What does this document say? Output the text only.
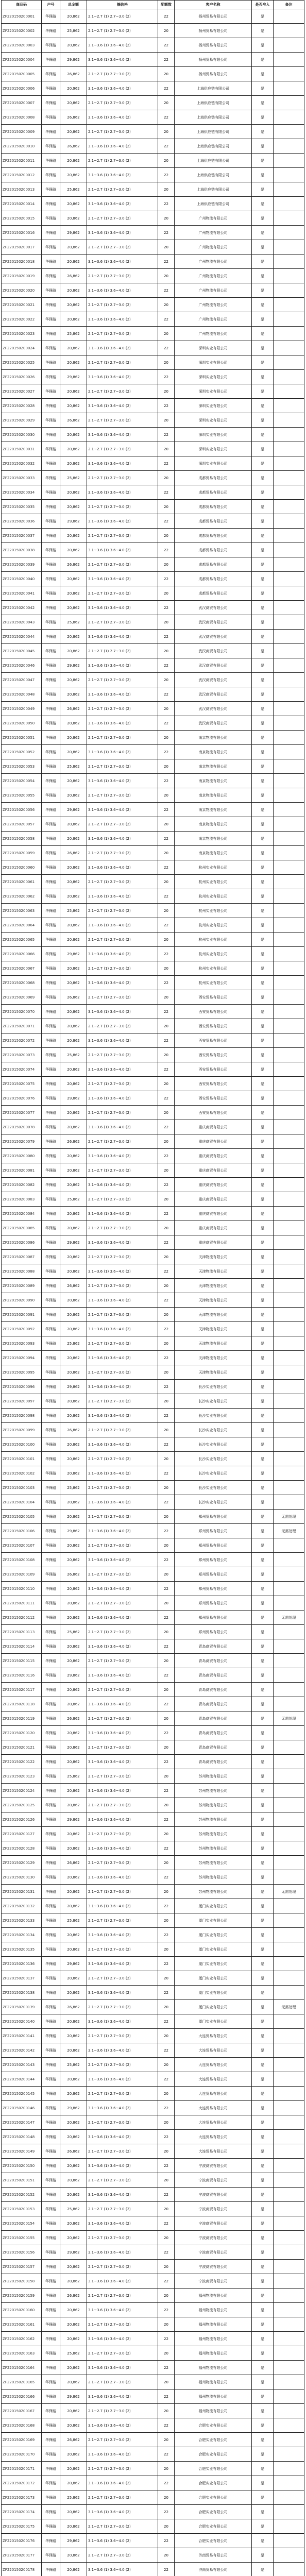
商品码	户号	总金额	摘价格	配额数	客户名称	是否准入	备注
ZF220150200001	华锋路	20,862	2.1~2.7 (1) 2.7~3.0 (2)	22	扬州贸易有限公司	是	
ZF220150200002	华锋路	25,862	2.1~2.7 (1) 2.7~3.0 (2)	20	扬州贸易有限公司	是	
ZF220150200003	华锋路	20,862	3.1~3.6 (1) 3.6~4.0 (2)	22	扬州贸易有限公司	是	
ZF220150200004	华锋路	29,862	3.1~3.6 (1) 3.6~4.0 (2)	22	扬州贸易有限公司	是	
ZF220150200005	华锋路	26,862	2.1~2.7 (1) 2.7~3.0 (2)	20	扬州贸易有限公司	是	
ZF220150200006	华锋路	20,962	3.1~3.6 (1) 3.6~4.0 (2)	22	上海供应链有限公司	是	
ZF220150200007	华锋路	20,862	2.1~2.7 (1) 2.7~3.0 (2)	20	上海供应链有限公司	是	
ZF220150200008	华锋路	26,862	3.1~3.6 (1) 3.6~4.0 (2)	22	上海供应链有限公司	是	
ZF220150200009	华锋路	20,862	2.1~2.7 (1) 2.7~3.0 (2)	20	上海供应链有限公司	是	
ZF220150200010	华锋路	26,862	3.1~3.6 (1) 3.6~4.0 (2)	22	上海供应链有限公司	是	
ZF220150200011	华锋路	20,862	2.1~2.7 (1) 2.7~3.0 (2)	20	上海供应链有限公司	是	
ZF220150200012	华锋路	20,862	3.1~3.6 (1) 3.6~4.0 (2)	22	上海供应链有限公司	是	
ZF220150200013	华锋路	25,862	2.1~2.7 (1) 2.7~3.0 (2)	20	上海供应链有限公司	是	
ZF220150200014	华锋路	20,862	3.1~3.6 (1) 3.6~4.0 (2)	22	上海供应链有限公司	是	
ZF220150200015	华锋路	20,862	2.1~2.7 (1) 2.7~3.0 (2)	20	广州物流有限公司	是	
ZF220150200016	华锋路	29,862	3.1~3.6 (1) 3.6~4.0 (2)	22	广州物流有限公司	是	
ZF220150200017	华锋路	20,862	2.1~2.7 (1) 2.7~3.0 (2)	20	广州物流有限公司	是	
ZF220150200018	华锋路	20,862	3.1~3.6 (1) 3.6~4.0 (2)	22	广州物流有限公司	是	
ZF220150200019	华锋路	26,862	2.1~2.7 (1) 2.7~3.0 (2)	20	广州物流有限公司	是	
ZF220150200020	华锋路	20,862	3.1~3.6 (1) 3.6~4.0 (2)	22	广州物流有限公司	是	
ZF220150200021	华锋路	20,862	2.1~2.7 (1) 2.7~3.0 (2)	20	广州物流有限公司	是	
ZF220150200022	华锋路	20,862	3.1~3.6 (1) 3.6~4.0 (2)	22	广州物流有限公司	是	
ZF220150200023	华锋路	25,862	2.1~2.7 (1) 2.7~3.0 (2)	20	广州物流有限公司	是	
ZF220150200024	华锋路	20,862	3.1~3.6 (1) 3.6~4.0 (2)	22	深圳实业有限公司	是	
ZF220150200025	华锋路	20,862	2.1~2.7 (1) 2.7~3.0 (2)	20	深圳实业有限公司	是	
ZF220150200026	华锋路	29,862	3.1~3.6 (1) 3.6~4.0 (2)	22	深圳实业有限公司	是	
ZF220150200027	华锋路	20,862	2.1~2.7 (1) 2.7~3.0 (2)	20	深圳实业有限公司	是	
ZF220150200028	华锋路	20,862	3.1~3.6 (1) 3.6~4.0 (2)	22	深圳实业有限公司	是	
ZF220150200029	华锋路	26,862	2.1~2.7 (1) 2.7~3.0 (2)	20	深圳实业有限公司	是	
ZF220150200030	华锋路	20,862	3.1~3.6 (1) 3.6~4.0 (2)	22	深圳实业有限公司	是	
ZF220150200031	华锋路	20,862	2.1~2.7 (1) 2.7~3.0 (2)	20	深圳实业有限公司	是	
ZF220150200032	华锋路	20,862	3.1~3.6 (1) 3.6~4.0 (2)	22	深圳实业有限公司	是	
ZF220150200033	华锋路	25,862	2.1~2.7 (1) 2.7~3.0 (2)	20	成都贸易有限公司	是	
ZF220150200034	华锋路	20,862	3.1~3.6 (1) 3.6~4.0 (2)	22	成都贸易有限公司	是	
ZF220150200035	华锋路	20,862	2.1~2.7 (1) 2.7~3.0 (2)	20	成都贸易有限公司	是	
ZF220150200036	华锋路	29,862	3.1~3.6 (1) 3.6~4.0 (2)	22	成都贸易有限公司	是	
ZF220150200037	华锋路	20,862	2.1~2.7 (1) 2.7~3.0 (2)	20	成都贸易有限公司	是	
ZF220150200038	华锋路	20,862	3.1~3.6 (1) 3.6~4.0 (2)	22	成都贸易有限公司	是	
ZF220150200039	华锋路	26,862	2.1~2.7 (1) 2.7~3.0 (2)	20	成都贸易有限公司	是	
ZF220150200040	华锋路	20,862	3.1~3.6 (1) 3.6~4.0 (2)	22	成都贸易有限公司	是	
ZF220150200041	华锋路	20,862	2.1~2.7 (1) 2.7~3.0 (2)	20	成都贸易有限公司	是	
ZF220150200042	华锋路	20,862	3.1~3.6 (1) 3.6~4.0 (2)	22	武汉商贸有限公司	是	
ZF220150200043	华锋路	25,862	2.1~2.7 (1) 2.7~3.0 (2)	20	武汉商贸有限公司	是	
ZF220150200044	华锋路	20,862	3.1~3.6 (1) 3.6~4.0 (2)	22	武汉商贸有限公司	是	
ZF220150200045	华锋路	20,862	2.1~2.7 (1) 2.7~3.0 (2)	20	武汉商贸有限公司	是	
ZF220150200046	华锋路	29,862	3.1~3.6 (1) 3.6~4.0 (2)	22	武汉商贸有限公司	是	
ZF220150200047	华锋路	20,862	2.1~2.7 (1) 2.7~3.0 (2)	20	武汉商贸有限公司	是	
ZF220150200048	华锋路	20,862	3.1~3.6 (1) 3.6~4.0 (2)	22	武汉商贸有限公司	是	
ZF220150200049	华锋路	26,862	2.1~2.7 (1) 2.7~3.0 (2)	20	武汉商贸有限公司	是	
ZF220150200050	华锋路	20,862	3.1~3.6 (1) 3.6~4.0 (2)	22	武汉商贸有限公司	是	
ZF220150200051	华锋路	20,862	2.1~2.7 (1) 2.7~3.0 (2)	20	南京物流有限公司	是	
ZF220150200052	华锋路	20,862	3.1~3.6 (1) 3.6~4.0 (2)	22	南京物流有限公司	是	
ZF220150200053	华锋路	25,862	2.1~2.7 (1) 2.7~3.0 (2)	20	南京物流有限公司	是	
ZF220150200054	华锋路	20,862	3.1~3.6 (1) 3.6~4.0 (2)	22	南京物流有限公司	是	
ZF220150200055	华锋路	20,862	2.1~2.7 (1) 2.7~3.0 (2)	20	南京物流有限公司	是	
ZF220150200056	华锋路	29,862	3.1~3.6 (1) 3.6~4.0 (2)	22	南京物流有限公司	是	
ZF220150200057	华锋路	20,862	2.1~2.7 (1) 2.7~3.0 (2)	20	南京物流有限公司	是	
ZF220150200058	华锋路	20,862	3.1~3.6 (1) 3.6~4.0 (2)	22	南京物流有限公司	是	
ZF220150200059	华锋路	26,862	2.1~2.7 (1) 2.7~3.0 (2)	20	南京物流有限公司	是	
ZF220150200060	华锋路	20,862	3.1~3.6 (1) 3.6~4.0 (2)	22	杭州实业有限公司	是	
ZF220150200061	华锋路	20,862	2.1~2.7 (1) 2.7~3.0 (2)	20	杭州实业有限公司	是	
ZF220150200062	华锋路	20,862	3.1~3.6 (1) 3.6~4.0 (2)	22	杭州实业有限公司	是	
ZF220150200063	华锋路	25,862	2.1~2.7 (1) 2.7~3.0 (2)	20	杭州实业有限公司	是	
ZF220150200064	华锋路	20,862	3.1~3.6 (1) 3.6~4.0 (2)	22	杭州实业有限公司	是	
ZF220150200065	华锋路	20,862	2.1~2.7 (1) 2.7~3.0 (2)	20	杭州实业有限公司	是	
ZF220150200066	华锋路	29,862	3.1~3.6 (1) 3.6~4.0 (2)	22	杭州实业有限公司	是	
ZF220150200067	华锋路	20,862	2.1~2.7 (1) 2.7~3.0 (2)	20	杭州实业有限公司	是	
ZF220150200068	华锋路	20,862	3.1~3.6 (1) 3.6~4.0 (2)	22	杭州实业有限公司	是	
ZF220150200069	华锋路	26,862	2.1~2.7 (1) 2.7~3.0 (2)	20	西安贸易有限公司	是	
ZF220150200070	华锋路	20,862	3.1~3.6 (1) 3.6~4.0 (2)	22	西安贸易有限公司	是	
ZF220150200071	华锋路	20,862	2.1~2.7 (1) 2.7~3.0 (2)	20	西安贸易有限公司	是	
ZF220150200072	华锋路	20,862	3.1~3.6 (1) 3.6~4.0 (2)	22	西安贸易有限公司	是	
ZF220150200073	华锋路	25,862	2.1~2.7 (1) 2.7~3.0 (2)	20	西安贸易有限公司	是	
ZF220150200074	华锋路	20,862	3.1~3.6 (1) 3.6~4.0 (2)	22	西安贸易有限公司	是	
ZF220150200075	华锋路	20,862	2.1~2.7 (1) 2.7~3.0 (2)	20	西安贸易有限公司	是	
ZF220150200076	华锋路	29,862	3.1~3.6 (1) 3.6~4.0 (2)	22	西安贸易有限公司	是	
ZF220150200077	华锋路	20,862	2.1~2.7 (1) 2.7~3.0 (2)	20	西安贸易有限公司	是	
ZF220150200078	华锋路	20,862	3.1~3.6 (1) 3.6~4.0 (2)	22	重庆商贸有限公司	是	
ZF220150200079	华锋路	26,862	2.1~2.7 (1) 2.7~3.0 (2)	20	重庆商贸有限公司	是	
ZF220150200080	华锋路	20,862	3.1~3.6 (1) 3.6~4.0 (2)	22	重庆商贸有限公司	是	
ZF220150200081	华锋路	20,862	2.1~2.7 (1) 2.7~3.0 (2)	20	重庆商贸有限公司	是	
ZF220150200082	华锋路	20,862	3.1~3.6 (1) 3.6~4.0 (2)	22	重庆商贸有限公司	是	
ZF220150200083	华锋路	25,862	2.1~2.7 (1) 2.7~3.0 (2)	20	重庆商贸有限公司	是	
ZF220150200084	华锋路	20,862	3.1~3.6 (1) 3.6~4.0 (2)	22	重庆商贸有限公司	是	
ZF220150200085	华锋路	20,862	2.1~2.7 (1) 2.7~3.0 (2)	20	重庆商贸有限公司	是	
ZF220150200086	华锋路	29,862	3.1~3.6 (1) 3.6~4.0 (2)	22	重庆商贸有限公司	是	
ZF220150200087	华锋路	20,862	2.1~2.7 (1) 2.7~3.0 (2)	20	天津物流有限公司	是	
ZF220150200088	华锋路	20,862	3.1~3.6 (1) 3.6~4.0 (2)	22	天津物流有限公司	是	
ZF220150200089	华锋路	26,862	2.1~2.7 (1) 2.7~3.0 (2)	20	天津物流有限公司	是	
ZF220150200090	华锋路	20,862	3.1~3.6 (1) 3.6~4.0 (2)	22	天津物流有限公司	是	
ZF220150200091	华锋路	20,862	2.1~2.7 (1) 2.7~3.0 (2)	20	天津物流有限公司	是	
ZF220150200092	华锋路	20,862	3.1~3.6 (1) 3.6~4.0 (2)	22	天津物流有限公司	是	
ZF220150200093	华锋路	25,862	2.1~2.7 (1) 2.7~3.0 (2)	20	天津物流有限公司	是	
ZF220150200094	华锋路	20,862	3.1~3.6 (1) 3.6~4.0 (2)	22	天津物流有限公司	是	
ZF220150200095	华锋路	20,862	2.1~2.7 (1) 2.7~3.0 (2)	20	天津物流有限公司	是	
ZF220150200096	华锋路	29,862	3.1~3.6 (1) 3.6~4.0 (2)	22	长沙实业有限公司	是	
ZF220150200097	华锋路	20,862	2.1~2.7 (1) 2.7~3.0 (2)	20	长沙实业有限公司	是	
ZF220150200098	华锋路	20,862	3.1~3.6 (1) 3.6~4.0 (2)	22	长沙实业有限公司	是	
ZF220150200099	华锋路	26,862	2.1~2.7 (1) 2.7~3.0 (2)	20	长沙实业有限公司	是	
ZF220150200100	华锋路	20,862	3.1~3.6 (1) 3.6~4.0 (2)	22	长沙实业有限公司	是	
ZF220150200101	华锋路	20,862	2.1~2.7 (1) 2.7~3.0 (2)	20	长沙实业有限公司	是	
ZF220150200102	华锋路	20,862	3.1~3.6 (1) 3.6~4.0 (2)	22	长沙实业有限公司	是	
ZF220150200103	华锋路	25,862	2.1~2.7 (1) 2.7~3.0 (2)	20	长沙实业有限公司	是	
ZF220150200104	华锋路	20,862	3.1~3.6 (1) 3.6~4.0 (2)	22	长沙实业有限公司	是	
ZF220150200105	华锋路	20,862	2.1~2.7 (1) 2.7~3.0 (2)	20	郑州贸易有限公司	是	无需处理
ZF220150200106	华锋路	29,862	3.1~3.6 (1) 3.6~4.0 (2)	22	郑州贸易有限公司	是	无需处理
ZF220150200107	华锋路	20,862	2.1~2.7 (1) 2.7~3.0 (2)	20	郑州贸易有限公司	是	
ZF220150200108	华锋路	20,862	3.1~3.6 (1) 3.6~4.0 (2)	22	郑州贸易有限公司	是	
ZF220150200109	华锋路	26,862	2.1~2.7 (1) 2.7~3.0 (2)	20	郑州贸易有限公司	是	
ZF220150200110	华锋路	20,862	3.1~3.6 (1) 3.6~4.0 (2)	22	郑州贸易有限公司	是	
ZF220150200111	华锋路	20,862	2.1~2.7 (1) 2.7~3.0 (2)	20	郑州贸易有限公司	是	
ZF220150200112	华锋路	20,862	3.1~3.6 (1) 3.6~4.0 (2)	22	郑州贸易有限公司	是	无需处理
ZF220150200113	华锋路	25,862	2.1~2.7 (1) 2.7~3.0 (2)	20	郑州贸易有限公司	是	
ZF220150200114	华锋路	20,862	3.1~3.6 (1) 3.6~4.0 (2)	22	青岛商贸有限公司	是	
ZF220150200115	华锋路	20,862	2.1~2.7 (1) 2.7~3.0 (2)	20	青岛商贸有限公司	是	
ZF220150200116	华锋路	29,862	3.1~3.6 (1) 3.6~4.0 (2)	22	青岛商贸有限公司	是	
ZF220150200117	华锋路	20,862	2.1~2.7 (1) 2.7~3.0 (2)	20	青岛商贸有限公司	是	
ZF220150200118	华锋路	20,862	3.1~3.6 (1) 3.6~4.0 (2)	22	青岛商贸有限公司	是	
ZF220150200119	华锋路	26,862	2.1~2.7 (1) 2.7~3.0 (2)	20	青岛商贸有限公司	是	无需处理
ZF220150200120	华锋路	20,862	3.1~3.6 (1) 3.6~4.0 (2)	22	青岛商贸有限公司	是	
ZF220150200121	华锋路	20,862	2.1~2.7 (1) 2.7~3.0 (2)	20	青岛商贸有限公司	是	
ZF220150200122	华锋路	20,862	3.1~3.6 (1) 3.6~4.0 (2)	22	青岛商贸有限公司	是	
ZF220150200123	华锋路	25,862	2.1~2.7 (1) 2.7~3.0 (2)	20	苏州物流有限公司	是	
ZF220150200124	华锋路	20,862	3.1~3.6 (1) 3.6~4.0 (2)	22	苏州物流有限公司	是	
ZF220150200125	华锋路	20,862	2.1~2.7 (1) 2.7~3.0 (2)	20	苏州物流有限公司	是	
ZF220150200126	华锋路	29,862	3.1~3.6 (1) 3.6~4.0 (2)	22	苏州物流有限公司	是	
ZF220150200127	华锋路	20,862	2.1~2.7 (1) 2.7~3.0 (2)	20	苏州物流有限公司	是	
ZF220150200128	华锋路	20,862	3.1~3.6 (1) 3.6~4.0 (2)	22	苏州物流有限公司	是	
ZF220150200129	华锋路	26,862	2.1~2.7 (1) 2.7~3.0 (2)	20	苏州物流有限公司	是	
ZF220150200130	华锋路	20,862	3.1~3.6 (1) 3.6~4.0 (2)	22	苏州物流有限公司	是	
ZF220150200131	华锋路	20,862	2.1~2.7 (1) 2.7~3.0 (2)	20	苏州物流有限公司	是	无需处理
ZF220150200132	华锋路	20,862	3.1~3.6 (1) 3.6~4.0 (2)	22	厦门实业有限公司	是	
ZF220150200133	华锋路	25,862	2.1~2.7 (1) 2.7~3.0 (2)	20	厦门实业有限公司	是	
ZF220150200134	华锋路	20,862	3.1~3.6 (1) 3.6~4.0 (2)	22	厦门实业有限公司	是	
ZF220150200135	华锋路	20,862	2.1~2.7 (1) 2.7~3.0 (2)	20	厦门实业有限公司	是	
ZF220150200136	华锋路	29,862	3.1~3.6 (1) 3.6~4.0 (2)	22	厦门实业有限公司	是	
ZF220150200137	华锋路	20,862	2.1~2.7 (1) 2.7~3.0 (2)	20	厦门实业有限公司	是	
ZF220150200138	华锋路	20,862	3.1~3.6 (1) 3.6~4.0 (2)	22	厦门实业有限公司	是	
ZF220150200139	华锋路	26,862	2.1~2.7 (1) 2.7~3.0 (2)	20	厦门实业有限公司	是	无需处理
ZF220150200140	华锋路	20,862	3.1~3.6 (1) 3.6~4.0 (2)	22	厦门实业有限公司	是	
ZF220150200141	华锋路	20,862	2.1~2.7 (1) 2.7~3.0 (2)	20	大连贸易有限公司	是	
ZF220150200142	华锋路	20,862	3.1~3.6 (1) 3.6~4.0 (2)	22	大连贸易有限公司	是	
ZF220150200143	华锋路	25,862	2.1~2.7 (1) 2.7~3.0 (2)	20	大连贸易有限公司	是	
ZF220150200144	华锋路	20,862	3.1~3.6 (1) 3.6~4.0 (2)	22	大连贸易有限公司	是	
ZF220150200145	华锋路	20,862	2.1~2.7 (1) 2.7~3.0 (2)	20	大连贸易有限公司	是	
ZF220150200146	华锋路	29,862	3.1~3.6 (1) 3.6~4.0 (2)	22	大连贸易有限公司	是	
ZF220150200147	华锋路	20,862	2.1~2.7 (1) 2.7~3.0 (2)	20	大连贸易有限公司	是	
ZF220150200148	华锋路	20,862	3.1~3.6 (1) 3.6~4.0 (2)	22	大连贸易有限公司	是	
ZF220150200149	华锋路	26,862	2.1~2.7 (1) 2.7~3.0 (2)	20	大连贸易有限公司	是	
ZF220150200150	华锋路	20,862	3.1~3.6 (1) 3.6~4.0 (2)	22	宁波商贸有限公司	是	
ZF220150200151	华锋路	20,862	2.1~2.7 (1) 2.7~3.0 (2)	20	宁波商贸有限公司	是	
ZF220150200152	华锋路	20,862	3.1~3.6 (1) 3.6~4.0 (2)	22	宁波商贸有限公司	是	
ZF220150200153	华锋路	25,862	2.1~2.7 (1) 2.7~3.0 (2)	20	宁波商贸有限公司	是	
ZF220150200154	华锋路	20,862	3.1~3.6 (1) 3.6~4.0 (2)	22	宁波商贸有限公司	是	
ZF220150200155	华锋路	20,862	2.1~2.7 (1) 2.7~3.0 (2)	20	宁波商贸有限公司	是	
ZF220150200156	华锋路	29,862	3.1~3.6 (1) 3.6~4.0 (2)	22	宁波商贸有限公司	是	
ZF220150200157	华锋路	20,862	2.1~2.7 (1) 2.7~3.0 (2)	20	宁波商贸有限公司	是	
ZF220150200158	华锋路	20,862	3.1~3.6 (1) 3.6~4.0 (2)	22	宁波商贸有限公司	是	
ZF220150200159	华锋路	26,862	2.1~2.7 (1) 2.7~3.0 (2)	20	福州物流有限公司	是	
ZF220150200160	华锋路	20,862	3.1~3.6 (1) 3.6~4.0 (2)	22	福州物流有限公司	是	
ZF220150200161	华锋路	20,862	2.1~2.7 (1) 2.7~3.0 (2)	20	福州物流有限公司	是	
ZF220150200162	华锋路	20,862	3.1~3.6 (1) 3.6~4.0 (2)	22	福州物流有限公司	是	
ZF220150200163	华锋路	25,862	2.1~2.7 (1) 2.7~3.0 (2)	20	福州物流有限公司	是	
ZF220150200164	华锋路	20,862	3.1~3.6 (1) 3.6~4.0 (2)	22	福州物流有限公司	是	
ZF220150200165	华锋路	20,862	2.1~2.7 (1) 2.7~3.0 (2)	20	福州物流有限公司	是	
ZF220150200166	华锋路	29,862	3.1~3.6 (1) 3.6~4.0 (2)	22	福州物流有限公司	是	
ZF220150200167	华锋路	20,862	2.1~2.7 (1) 2.7~3.0 (2)	20	福州物流有限公司	是	
ZF220150200168	华锋路	20,862	3.1~3.6 (1) 3.6~4.0 (2)	22	合肥实业有限公司	是	
ZF220150200169	华锋路	26,862	2.1~2.7 (1) 2.7~3.0 (2)	20	合肥实业有限公司	是	
ZF220150200170	华锋路	20,862	3.1~3.6 (1) 3.6~4.0 (2)	22	合肥实业有限公司	是	
ZF220150200171	华锋路	20,862	2.1~2.7 (1) 2.7~3.0 (2)	20	合肥实业有限公司	是	
ZF220150200172	华锋路	20,862	3.1~3.6 (1) 3.6~4.0 (2)	22	合肥实业有限公司	是	
ZF220150200173	华锋路	25,862	2.1~2.7 (1) 2.7~3.0 (2)	20	合肥实业有限公司	是	
ZF220150200174	华锋路	20,862	3.1~3.6 (1) 3.6~4.0 (2)	22	合肥实业有限公司	是	
ZF220150200175	华锋路	20,862	2.1~2.7 (1) 2.7~3.0 (2)	20	合肥实业有限公司	是	
ZF220150200176	华锋路	29,862	3.1~3.6 (1) 3.6~4.0 (2)	22	合肥实业有限公司	是	
ZF220150200177	华锋路	20,862	2.1~2.7 (1) 2.7~3.0 (2)	20	济南贸易有限公司	是	
ZF220150200178	华锋路	20,862	3.1~3.6 (1) 3.6~4.0 (2)	22	济南贸易有限公司	是	
